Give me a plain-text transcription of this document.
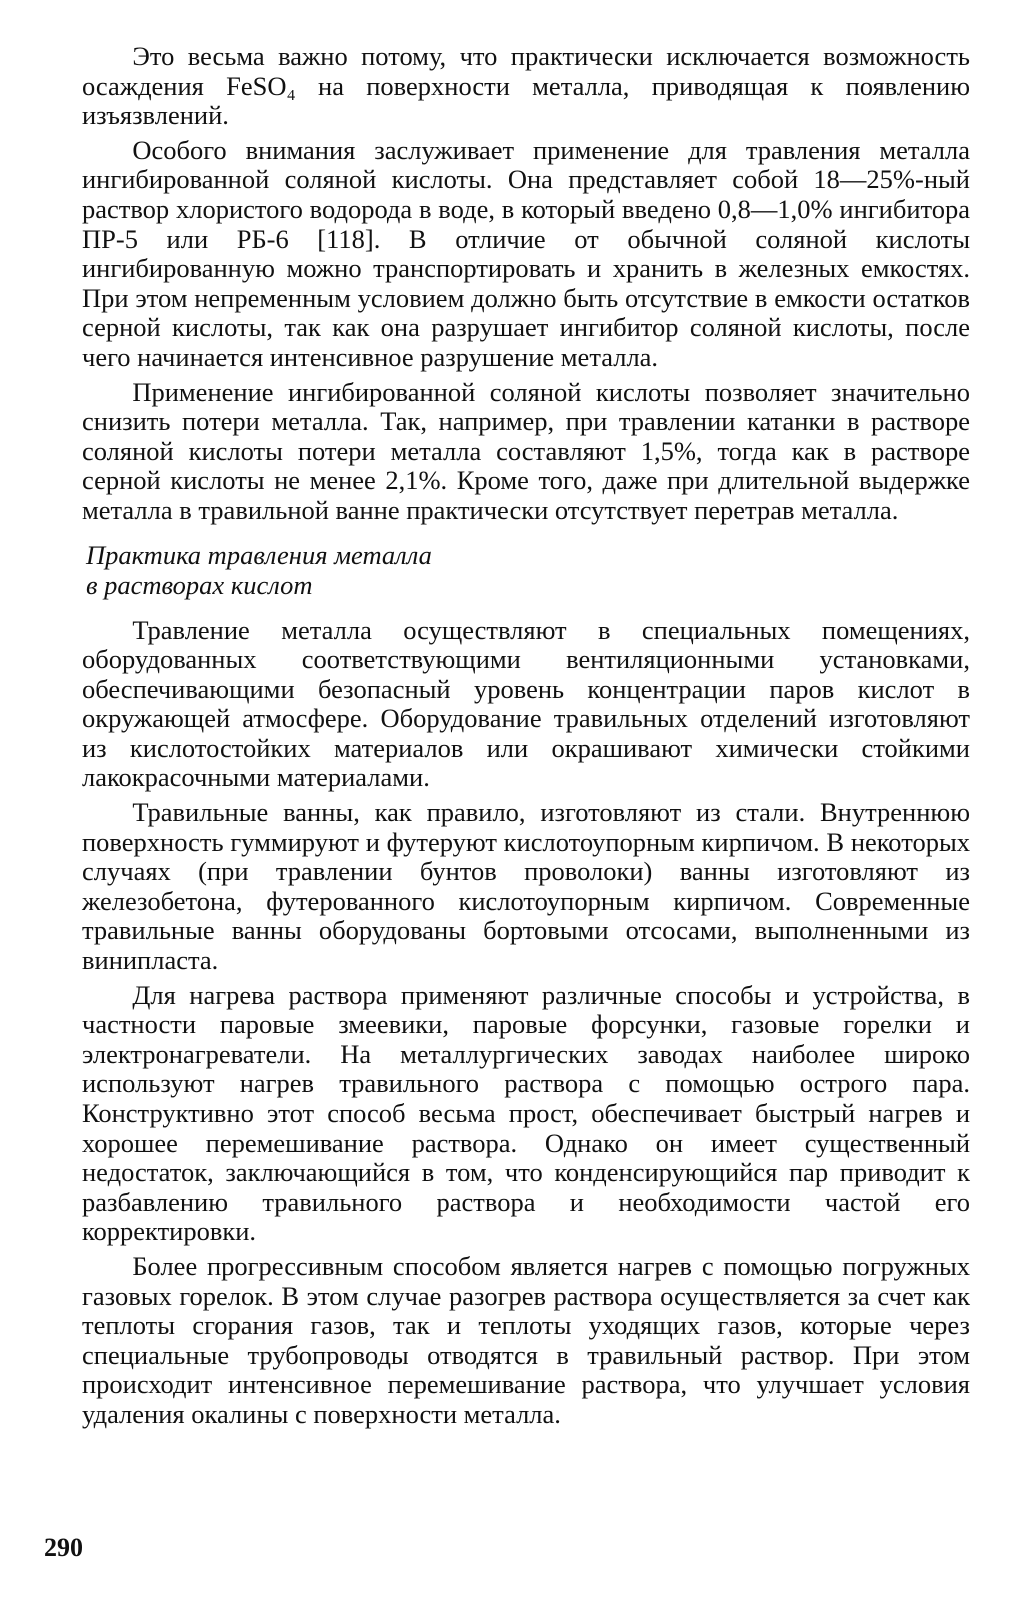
Это весьма важно потому, что практически исключается возможность осаждения FeSO₄ на поверхности металла, приводящая к появлению изъязвлений.

Особого внимания заслуживает применение для травления металла ингибированной соляной кислоты. Она представляет собой 18—25%-ный раствор хлористого водорода в воде, в который введено 0,8—1,0% ингибитора ПР-5 или РБ-6 [118]. В отличие от обычной соляной кислоты ингибированную можно транспортировать и хранить в железных емкостях. При этом непременным условием должно быть отсутствие в емкости остатков серной кислоты, так как она разрушает ингибитор соляной кислоты, после чего начинается интенсивное разрушение металла.

Применение ингибированной соляной кислоты позволяет значительно снизить потери металла. Так, например, при травлении катанки в растворе соляной кислоты потери металла составляют 1,5%, тогда как в растворе серной кислоты не менее 2,1%. Кроме того, даже при длительной выдержке металла в травильной ванне практически отсутствует перетрав металла.

Практика травления металла
в растворах кислот

Травление металла осуществляют в специальных помещениях, оборудованных соответствующими вентиляционными установками, обеспечивающими безопасный уровень концентрации паров кислот в окружающей атмосфере. Оборудование травильных отделений изготовляют из кислотостойких материалов или окрашивают химически стойкими лакокрасочными материалами.

Травильные ванны, как правило, изготовляют из стали. Внутреннюю поверхность гуммируют и футеруют кислотоупорным кирпичом. В некоторых случаях (при травлении бунтов проволоки) ванны изготовляют из железобетона, футерованного кислотоупорным кирпичом. Современные травильные ванны оборудованы бортовыми отсосами, выполненными из винипласта.

Для нагрева раствора применяют различные способы и устройства, в частности паровые змеевики, паровые форсунки, газовые горелки и электронагреватели. На металлургических заводах наиболее широко используют нагрев травильного раствора с помощью острого пара. Конструктивно этот способ весьма прост, обеспечивает быстрый нагрев и хорошее перемешивание раствора. Однако он имеет существенный недостаток, заключающийся в том, что конденсирующийся пар приводит к разбавлению травильного раствора и необходимости частой его корректировки.

Более прогрессивным способом является нагрев с помощью погружных газовых горелок. В этом случае разогрев раствора осуществляется за счет как теплоты сгорания газов, так и теплоты уходящих газов, которые через специальные трубопроводы отводятся в травильный раствор. При этом происходит интенсивное перемешивание раствора, что улучшает условия удаления окалины с поверхности металла.

290
